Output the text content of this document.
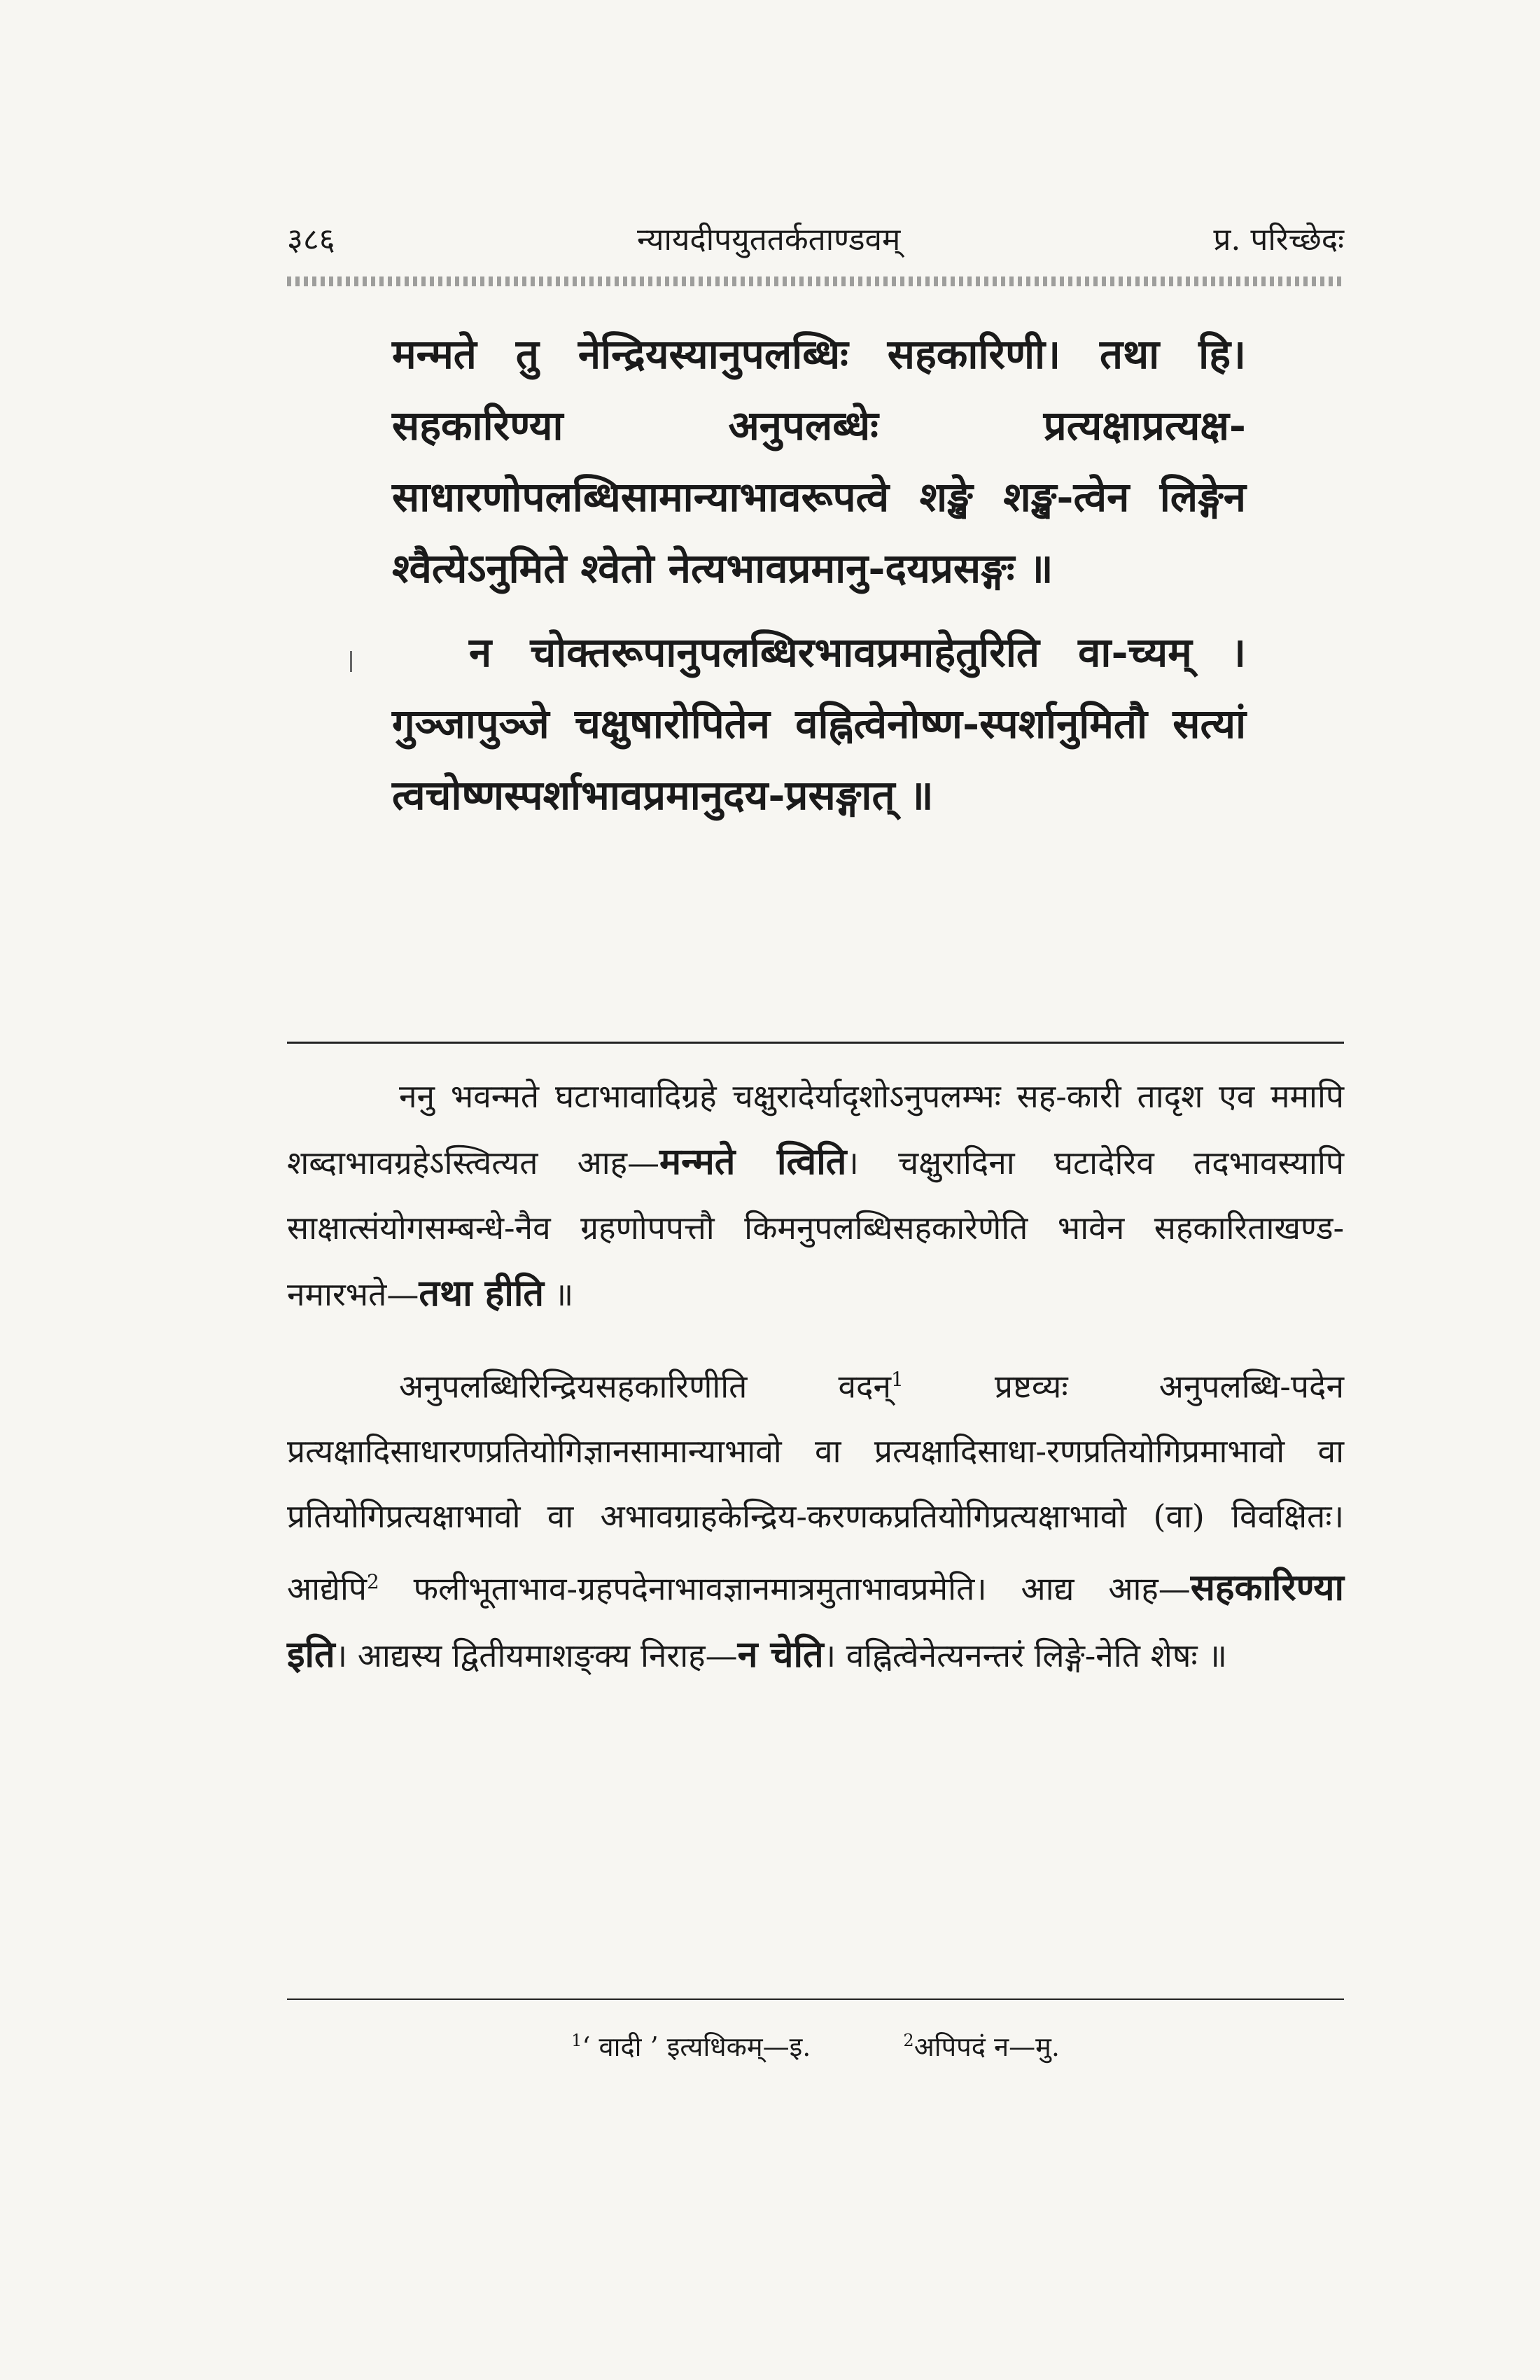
३८६	न्यायदीपयुततर्कताण्डवम्	प्र. परिच्छेदः

मन्मते तु नेन्द्रियस्यानुपलब्धिः सहकारिणी। तथा हि। सहकारिण्या अनुपलब्धेः प्रत्यक्षाप्रत्यक्ष-साधारणोपलब्धिसामान्याभावरूपत्वे शङ्खे शङ्ख-त्वेन लिङ्गेन श्वैत्येऽनुमिते श्वेतो नेत्यभावप्रमानु-दयप्रसङ्गः ॥

न चोक्तरूपानुपलब्धिरभावप्रमाहेतुरिति वा-च्यम् । गुञ्जापुञ्जे चक्षुषारोपितेन वह्नित्वेनोष्ण-स्पर्शानुमितौ सत्यां त्वचोष्णस्पर्शाभावप्रमानुदय-प्रसङ्गात् ॥

ननु भवन्मते घटाभावादिग्रहे चक्षुरादेर्यादृशोऽनुपलम्भः सह-कारी तादृश एव ममापि शब्दाभावग्रहेऽस्त्वित्यत आह—मन्मते त्विति। चक्षुरादिना घटादेरिव तदभावस्यापि साक्षात्संयोगसम्बन्धे-नैव ग्रहणोपपत्तौ किमनुपलब्धिसहकारेणेति भावेन सहकारिताखण्ड-नमारभते—तथा हीति ॥

अनुपलब्धिरिन्द्रियसहकारिणीति वदन्$^1$ प्रष्टव्यः अनुपलब्धि-पदेन प्रत्यक्षादिसाधारणप्रतियोगिज्ञानसामान्याभावो वा प्रत्यक्षादिसाधा-रणप्रतियोगिप्रमाभावो वा प्रतियोगिप्रत्यक्षाभावो वा अभावग्राहकेन्द्रिय-करणकप्रतियोगिप्रत्यक्षाभावो (वा) विवक्षितः। आद्येपि$^2$ फलीभूताभाव-ग्रहपदेनाभावज्ञानमात्रमुताभावप्रमेति। आद्य आह—सहकारिण्या इति। आद्यस्य द्वितीयमाशङ्क्य निराह—न चेति। वह्नित्वेनेत्यनन्तरं लिङ्गे-नेति शेषः ॥

$^1$‘ वादी ’ इत्यधिकम्—इ.	$^2$अपिपदं न—मु.
